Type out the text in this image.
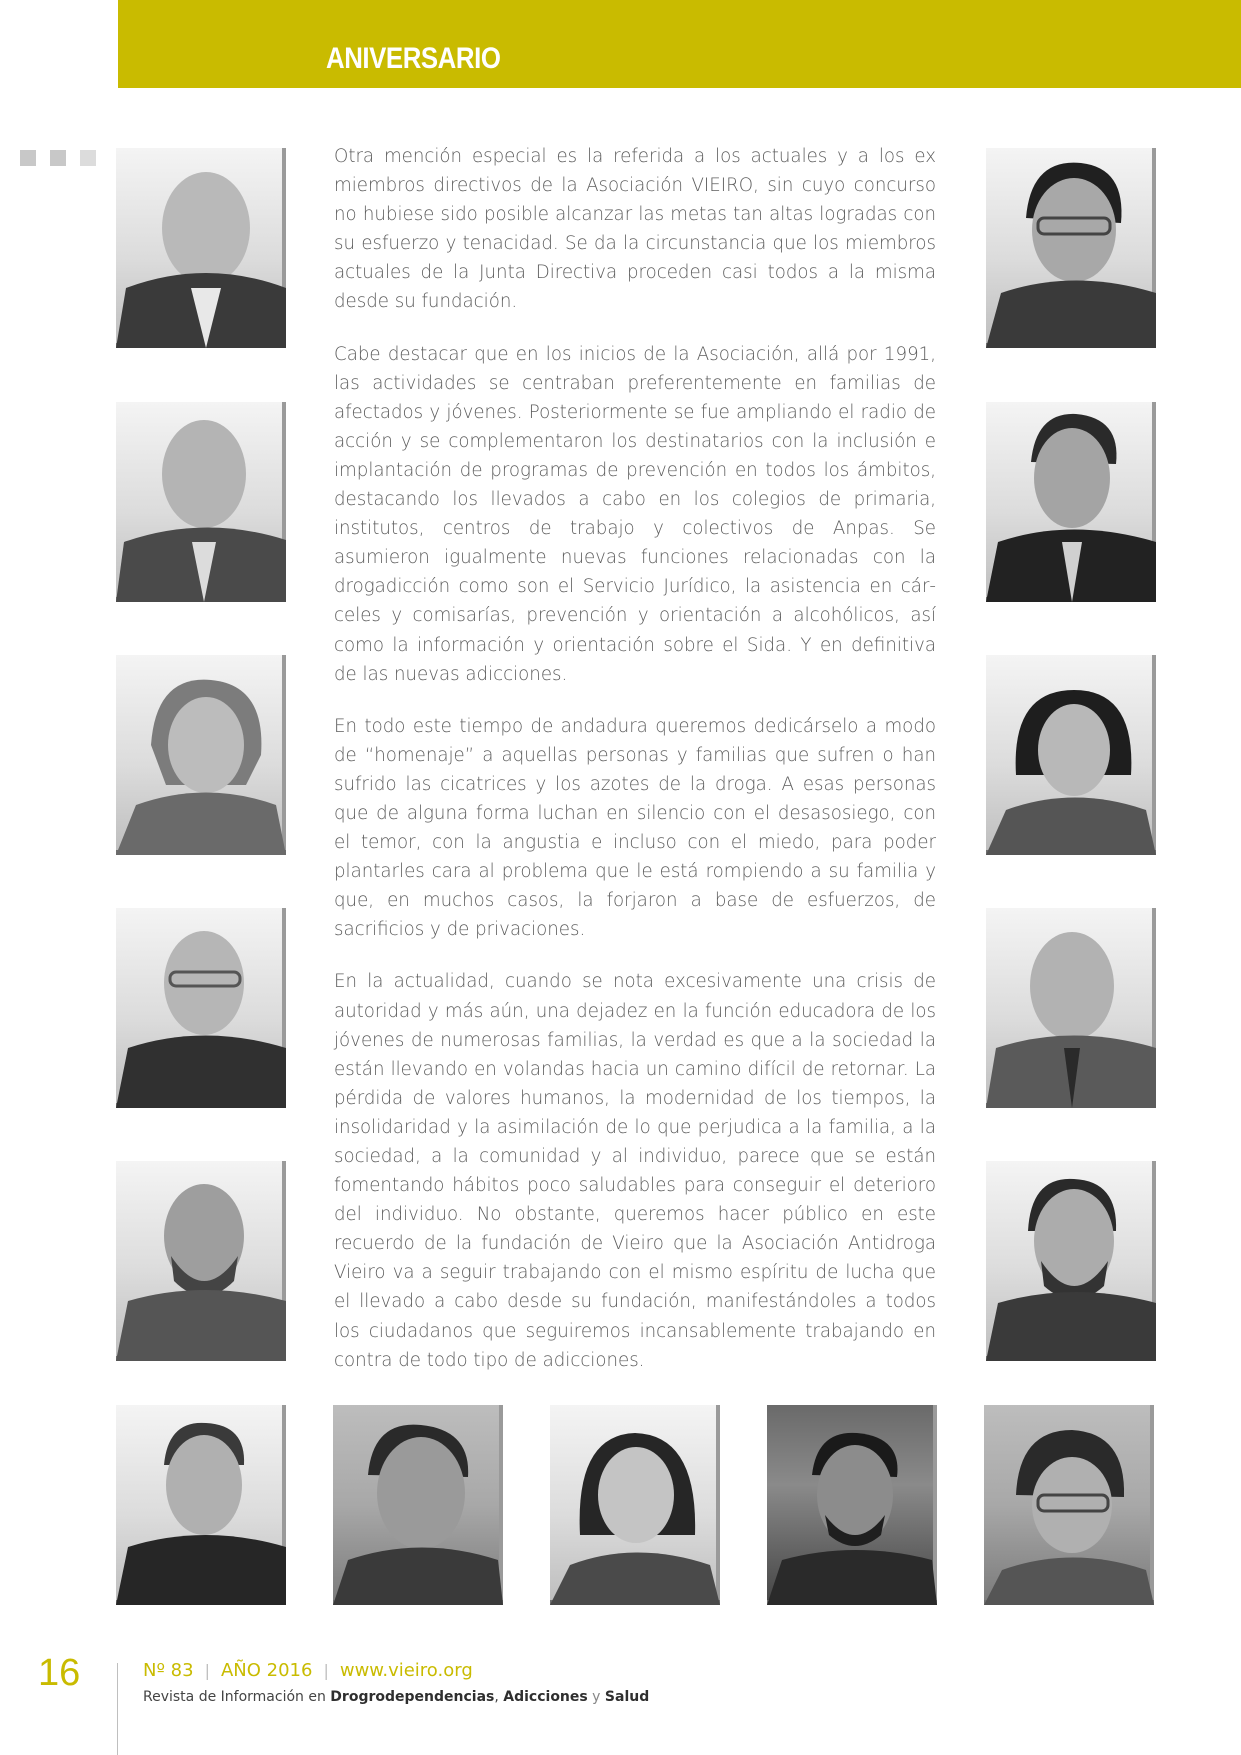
ANIVERSARIO

Otra mención especial es la referida a los actuales y a los ex miembros directivos de la Asociación VIEIRO, sin cuyo concurso no hubiese sido posible alcanzar las metas tan altas logradas con su esfuerzo y tenacidad. Se da la circunstancia que los miembros actuales de la Junta Directiva proceden casi todos a la misma desde su fundación.

Cabe destacar que en los inicios de la Asociación, allá por 1991, las actividades se centraban preferentemente en familias de afectados y jóvenes. Posteriormente se fue ampliando el radio de acción y se complementaron los destinatarios con la inclusión e implantación de programas de prevención en todos los ámbitos, destacando los llevados a cabo en los colegios de primaria, institutos, centros de trabajo y colectivos de Anpas. Se asumieron igualmente nuevas funciones relacionadas con la drogadicción como son el Servicio Jurídico, la asistencia en cárceles y comisarías, prevención y orientación a alcohólicos, así como la información y orientación sobre el Sida. Y en definitiva de las nuevas adicciones.

En todo este tiempo de andadura queremos dedicárselo a modo de “homenaje” a aquellas personas y familias que sufren o han sufrido las cicatrices y los azotes de la droga. A esas personas que de alguna forma luchan en silencio con el desasosiego, con el temor, con la angustia e incluso con el miedo, para poder plantarles cara al problema que le está rompiendo a su familia y que, en muchos casos, la forjaron a base de esfuerzos, de sacrificios y de privaciones.

En la actualidad, cuando se nota excesivamente una crisis de autoridad y más aún, una dejadez en la función educadora de los jóvenes de numerosas familias, la verdad es que a la sociedad la están llevando en volandas hacia un camino difícil de retornar. La pérdida de valores humanos, la modernidad de los tiempos, la insolidaridad y la asimilación de lo que perjudica a la familia, a la sociedad, a la comunidad y al individuo, parece que se están fomentando hábitos poco saludables para conseguir el deterioro del individuo. No obstante, queremos hacer público en este recuerdo de la fundación de Vieiro que la Asociación Antidroga Vieiro va a seguir trabajando con el mismo espíritu de lucha que el llevado a cabo desde su fundación, manifestándoles a todos los ciudadanos que seguiremos incansablemente trabajando en contra de todo tipo de adicciones.

16	Nº 83 | AÑO 2016 | www.vieiro.org
Revista de Información en Drogrodependencias, Adicciones y Salud
